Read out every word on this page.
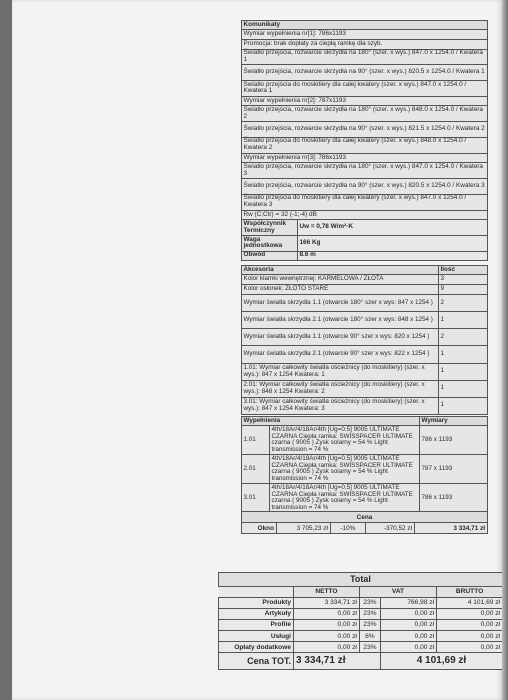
Komunikaty	
Wymiar wypełnienia nr[1]: 786x1193	
Promocja: brak dopłaty za ciepłą ramkę dla szyb.	
Światło przejścia, rozwarcie skrzydła na 180° (szer. x wys.) 847.0 x 1254.0 / Kwatera 1	
Światło przejścia, rozwarcie skrzydła na 90° (szer. x wys.) 820.5 x 1254.0 / Kwatera 1	
Światło przejścia do moskitiery dla całej kwatery (szer. x wys.) 847.0 x 1254.0 / Kwatera 1	
Wymiar wypełnienia nr[2]: 787x1193	
Światło przejścia, rozwarcie skrzydła na 180° (szer. x wys.) 848.0 x 1254.0 / Kwatera 2	
Światło przejścia, rozwarcie skrzydła na 90° (szer. x wys.) 821.5 x 1254.0 / Kwatera 2	
Światło przejścia do moskitiery dla całej kwatery (szer. x wys.) 848.0 x 1254.0 / Kwatera 2	
Wymiar wypełnienia nr[3]: 786x1193	
Światło przejścia, rozwarcie skrzydła na 180° (szer. x wys.) 847.0 x 1254.0 / Kwatera 3	
Światło przejścia, rozwarcie skrzydła na 90° (szer. x wys.) 820.5 x 1254.0 / Kwatera 3	
Światło przejścia do moskitiery dla całej kwatery (szer. x wys.) 847.0 x 1254.0 / Kwatera 3	
Rw (C;Ctr) = 32 (-1;-4) dB	
Współczynnik Termiczny	Uw = 0,78 W/m²·K
Waga jednostkowa	166 Kg
Obwód	8.6 m
Akcesoria	Ilość
Kolor klamki wewnętrznej: KARMELOWA / ZŁOTA	3
Kolor osłonek: ZŁOTO STARE	9
Wymiar światła skrzydła 1.1 (otwarcie 180° szer x wys: 847 x 1254 )	2
Wymiar światła skrzydła 2.1 (otwarcie 180° szer x wys: 848 x 1254 )	1
Wymiar światła skrzydła 1.1 (otwarcie 90° szer x wys: 820 x 1254 )	2
Wymiar światła skrzydła 2.1 (otwarcie 90° szer x wys: 822 x 1254 )	1
1.01: Wymiar całkowity światła ościeżnicy (do moskitiery) (szer. x wys.): 847 x 1254 Kwatera: 1	1
2.01: Wymiar całkowity światła ościeżnicy (do moskitiery) (szer. x wys.): 848 x 1254 Kwatera: 2	1
3.01: Wymiar całkowity światła ościeżnicy (do moskitiery) (szer. x wys.): 847 x 1254 Kwatera: 3	1
Wypełnienia		Wymiary
1.01	4th/18Ar/4/18Ar/4th [Ug=0.5] 9005 ULTIMATE CZARNA Ciepła ramka: SWISSPACER ULTIMATE czarna ( 9005 ) Zysk solarny = 54 % Light transmission = 74 %	786 x 1193
2.01	4th/18Ar/4/18Ar/4th [Ug=0.5] 9005 ULTIMATE CZARNA Ciepła ramka: SWISSPACER ULTIMATE czarna ( 9005 ) Zysk solarny = 54 % Light transmission = 74 %	787 x 1193
3.01	4th/18Ar/4/18Ar/4th [Ug=0.5] 9005 ULTIMATE CZARNA Ciepła ramka: SWISSPACER ULTIMATE czarna ( 9005 ) Zysk solarny = 54 % Light transmission = 74 %	786 x 1193
Cena
Okno	3 705,23 zł	-10%	-370,52 zł	3 334,71 zł
Total				
	NETTO	VAT		BRUTTO
Produkty	3 334,71 zł	23%	766,98 zł	4 101,69 zł
Artykuły	0,00 zł	23%	0,00 zł	0,00 zł
Profile	0,00 zł	23%	0,00 zł	0,00 zł
Usługi	0,00 zł	8%	0,00 zł	0,00 zł
Opłaty dodatkowe	0,00 zł	23%	0,00 zł	0,00 zł
Cena TOT.	3 334,71 zł		4 101,69 zł	
